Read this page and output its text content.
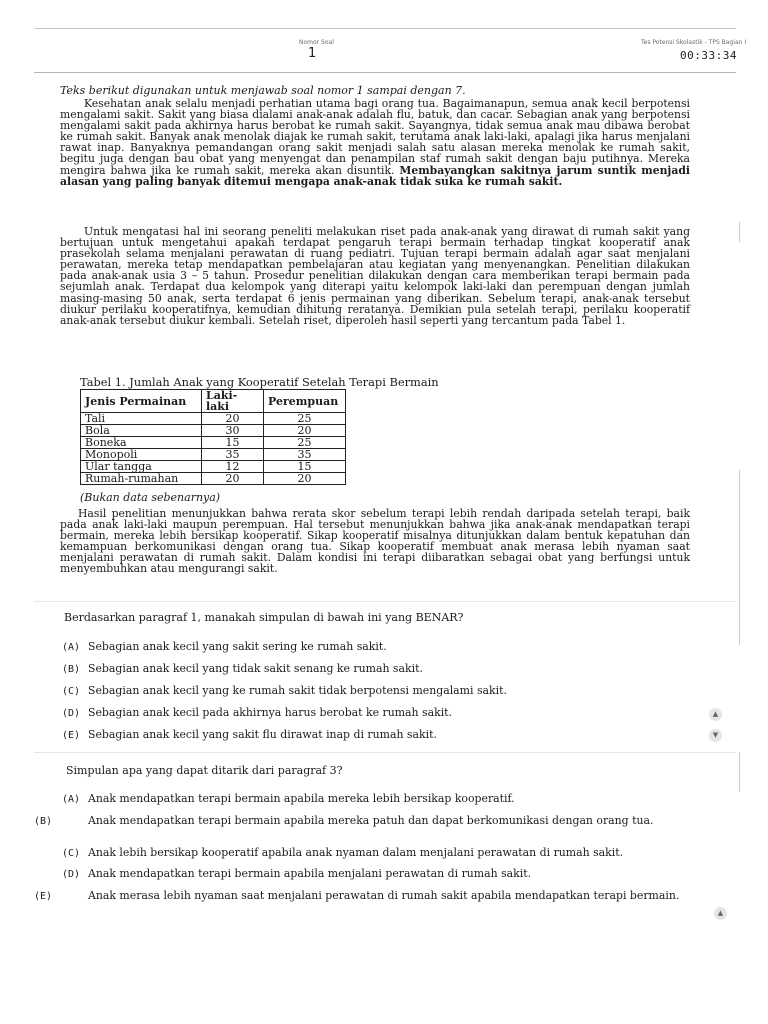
Nomor Soal
1
Tes Potensi Skolastik - TPS Bagian I
00:33:34
Teks berikut digunakan untuk menjawab soal nomor 1 sampai dengan 7.

Kesehatan anak selalu menjadi perhatian utama bagi orang tua. Bagaimanapun, semua anak kecil berpotensi mengalami sakit. Sakit yang biasa dialami anak-anak adalah flu, batuk, dan cacar. Sebagian anak yang berpotensi mengalami sakit pada akhirnya harus berobat ke rumah sakit. Sayangnya, tidak semua anak mau dibawa berobat ke rumah sakit. Banyak anak menolak diajak ke rumah sakit, terutama anak laki-laki, apalagi jika harus menjalani rawat inap. Banyaknya pemandangan orang sakit menjadi salah satu alasan mereka menolak ke rumah sakit, begitu juga dengan bau obat yang menyengat dan penampilan staf rumah sakit dengan baju putihnya. Mereka mengira bahwa jika ke rumah sakit, mereka akan disuntik. Membayangkan sakitnya jarum suntik menjadi alasan yang paling banyak ditemui mengapa anak-anak tidak suka ke rumah sakit.

Untuk mengatasi hal ini seorang peneliti melakukan riset pada anak-anak yang dirawat di rumah sakit yang bertujuan untuk mengetahui apakah terdapat pengaruh terapi bermain terhadap tingkat kooperatif anak prasekolah selama menjalani perawatan di ruang pediatri. Tujuan terapi bermain adalah agar saat menjalani perawatan, mereka tetap mendapatkan pembelajaran atau kegiatan yang menyenangkan. Penelitian dilakukan pada anak-anak usia 3 – 5 tahun. Prosedur penelitian dilakukan dengan cara memberikan terapi bermain pada sejumlah anak. Terdapat dua kelompok yang diterapi yaitu kelompok laki-laki dan perempuan dengan jumlah masing-masing 50 anak, serta terdapat 6 jenis permainan yang diberikan. Sebelum terapi, anak-anak tersebut diukur perilaku kooperatifnya, kemudian dihitung reratanya. Demikian pula setelah terapi, perilaku kooperatif anak-anak tersebut diukur kembali. Setelah riset, diperoleh hasil seperti yang tercantum pada Tabel 1.

Tabel 1. Jumlah Anak yang Kooperatif Setelah Terapi Bermain
Jenis Permainan	Laki-laki	Perempuan
Tali	20	25
Bola	30	20
Boneka	15	25
Monopoli	35	35
Ular tangga	12	15
Rumah-rumahan	20	20
(Bukan data sebenarnya)

Hasil penelitian menunjukkan bahwa rerata skor sebelum terapi lebih rendah daripada setelah terapi, baik pada anak laki-laki maupun perempuan. Hal tersebut menunjukkan bahwa jika anak-anak mendapatkan terapi bermain, mereka lebih bersikap kooperatif. Sikap kooperatif misalnya ditunjukkan dalam bentuk kepatuhan dan kemampuan berkomunikasi dengan orang tua. Sikap kooperatif membuat anak merasa lebih nyaman saat menjalani perawatan di rumah sakit. Dalam kondisi ini terapi diibaratkan sebagai obat yang berfungsi untuk menyembuhkan atau mengurangi sakit.

Berdasarkan paragraf 1, manakah simpulan di bawah ini yang BENAR?
(A) Sebagian anak kecil yang sakit sering ke rumah sakit.
(B) Sebagian anak kecil yang tidak sakit senang ke rumah sakit.
(C) Sebagian anak kecil yang ke rumah sakit tidak berpotensi mengalami sakit.
(D) Sebagian anak kecil pada akhirnya harus berobat ke rumah sakit.
(E) Sebagian anak kecil yang sakit flu dirawat inap di rumah sakit.
▲
▼
Simpulan apa yang dapat ditarik dari paragraf 3?
(A) Anak mendapatkan terapi bermain apabila mereka lebih bersikap kooperatif.
(B)	Anak mendapatkan terapi bermain apabila mereka patuh dan dapat berkomunikasi dengan orang tua.
(C) Anak lebih bersikap kooperatif apabila anak nyaman dalam menjalani perawatan di rumah sakit.
(D) Anak mendapatkan terapi bermain apabila menjalani perawatan di rumah sakit.
(E)	Anak merasa lebih nyaman saat menjalani perawatan di rumah sakit apabila mendapatkan terapi bermain.
▲
